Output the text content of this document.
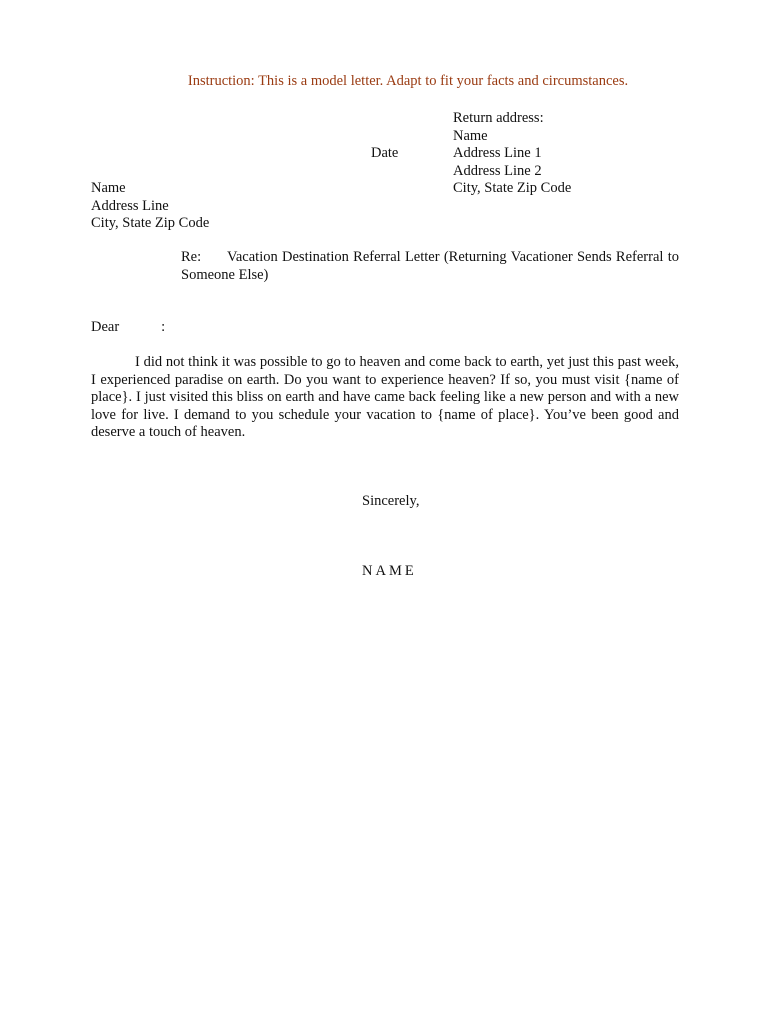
Instruction: This is a model letter. Adapt to fit your facts and circumstances.
Return address:
Name
Address Line 1
Address Line 2
City, State Zip Code
Date
Name
Address Line
City, State Zip Code
Re: Vacation Destination Referral Letter (Returning Vacationer Sends Referral to Someone Else)
Dear	:
I did not think it was possible to go to heaven and come back to earth, yet just this past week, I experienced paradise on earth. Do you want to experience heaven? If so, you must visit {name of place}. I just visited this bliss on earth and have came back feeling like a new person and with a new love for live. I demand to you schedule your vacation to {name of place}. You’ve been good and deserve a touch of heaven.
Sincerely,
NAME
